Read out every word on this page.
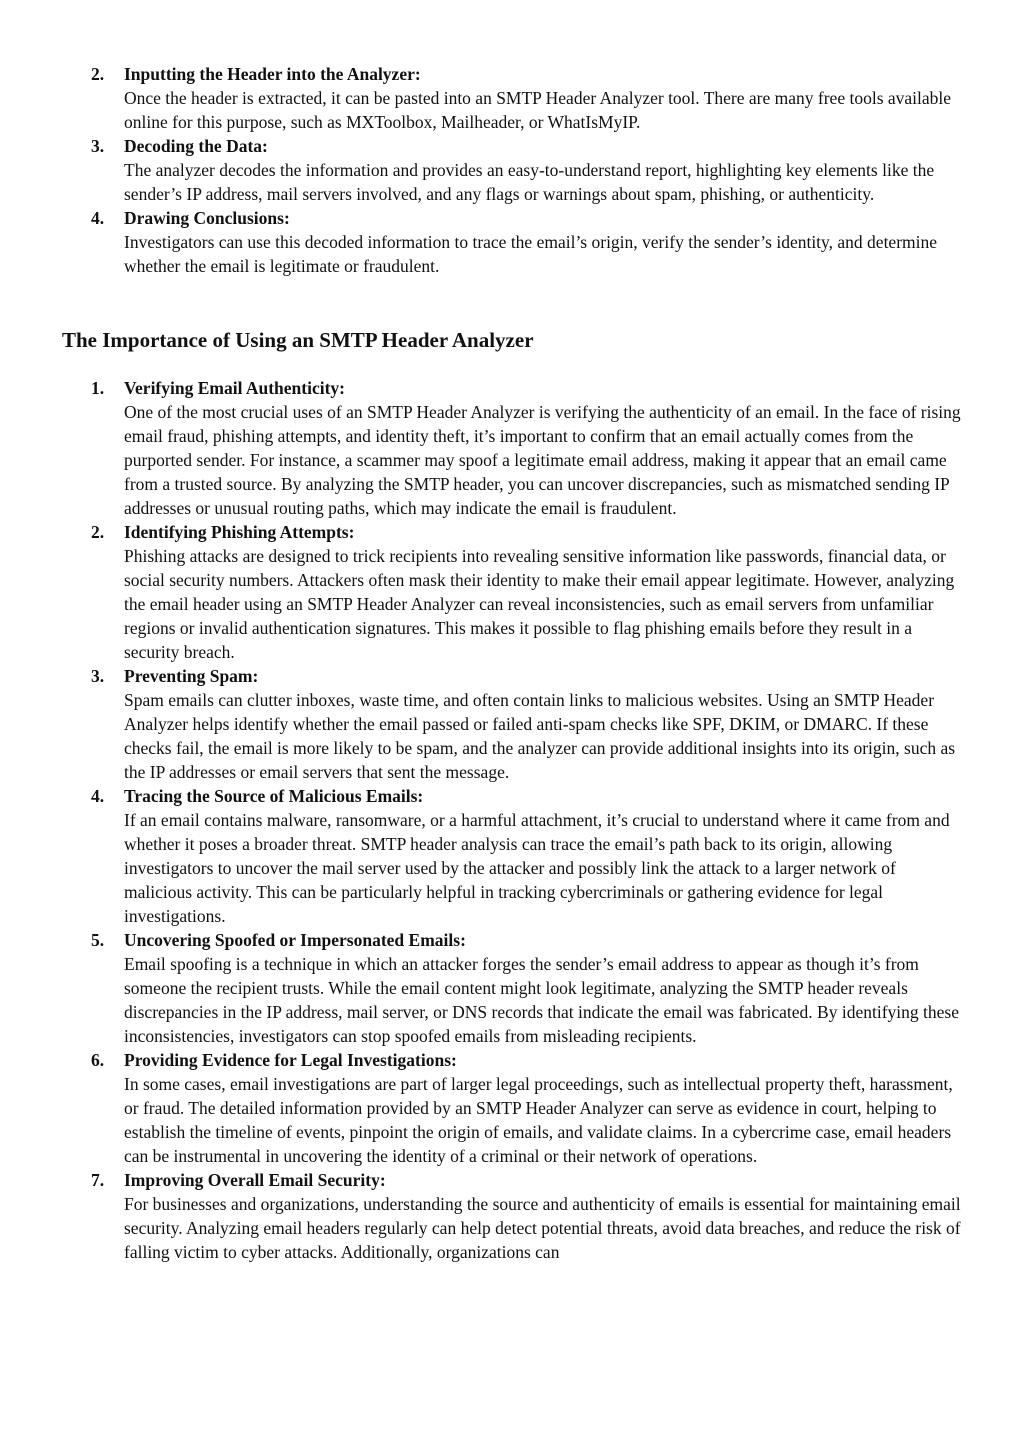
2. Inputting the Header into the Analyzer:

Once the header is extracted, it can be pasted into an SMTP Header Analyzer tool. There are many free tools available online for this purpose, such as MXToolbox, Mailheader, or WhatIsMyIP.

3. Decoding the Data:

The analyzer decodes the information and provides an easy-to-understand report, highlighting key elements like the sender’s IP address, mail servers involved, and any flags or warnings about spam, phishing, or authenticity.

4. Drawing Conclusions:

Investigators can use this decoded information to trace the email’s origin, verify the sender’s identity, and determine whether the email is legitimate or fraudulent.

The Importance of Using an SMTP Header Analyzer
1. Verifying Email Authenticity:

One of the most crucial uses of an SMTP Header Analyzer is verifying the authenticity of an email. In the face of rising email fraud, phishing attempts, and identity theft, it’s important to confirm that an email actually comes from the purported sender. For instance, a scammer may spoof a legitimate email address, making it appear that an email came from a trusted source. By analyzing the SMTP header, you can uncover discrepancies, such as mismatched sending IP addresses or unusual routing paths, which may indicate the email is fraudulent.

2. Identifying Phishing Attempts:

Phishing attacks are designed to trick recipients into revealing sensitive information like passwords, financial data, or social security numbers. Attackers often mask their identity to make their email appear legitimate. However, analyzing the email header using an SMTP Header Analyzer can reveal inconsistencies, such as email servers from unfamiliar regions or invalid authentication signatures. This makes it possible to flag phishing emails before they result in a security breach.

3. Preventing Spam:

Spam emails can clutter inboxes, waste time, and often contain links to malicious websites. Using an SMTP Header Analyzer helps identify whether the email passed or failed anti-spam checks like SPF, DKIM, or DMARC. If these checks fail, the email is more likely to be spam, and the analyzer can provide additional insights into its origin, such as the IP addresses or email servers that sent the message.

4. Tracing the Source of Malicious Emails:

If an email contains malware, ransomware, or a harmful attachment, it’s crucial to understand where it came from and whether it poses a broader threat. SMTP header analysis can trace the email’s path back to its origin, allowing investigators to uncover the mail server used by the attacker and possibly link the attack to a larger network of malicious activity. This can be particularly helpful in tracking cybercriminals or gathering evidence for legal investigations.

5. Uncovering Spoofed or Impersonated Emails:

Email spoofing is a technique in which an attacker forges the sender’s email address to appear as though it’s from someone the recipient trusts. While the email content might look legitimate, analyzing the SMTP header reveals discrepancies in the IP address, mail server, or DNS records that indicate the email was fabricated. By identifying these inconsistencies, investigators can stop spoofed emails from misleading recipients.

6. Providing Evidence for Legal Investigations:

In some cases, email investigations are part of larger legal proceedings, such as intellectual property theft, harassment, or fraud. The detailed information provided by an SMTP Header Analyzer can serve as evidence in court, helping to establish the timeline of events, pinpoint the origin of emails, and validate claims. In a cybercrime case, email headers can be instrumental in uncovering the identity of a criminal or their network of operations.

7. Improving Overall Email Security:

For businesses and organizations, understanding the source and authenticity of emails is essential for maintaining email security. Analyzing email headers regularly can help detect potential threats, avoid data breaches, and reduce the risk of falling victim to cyber attacks. Additionally, organizations can
